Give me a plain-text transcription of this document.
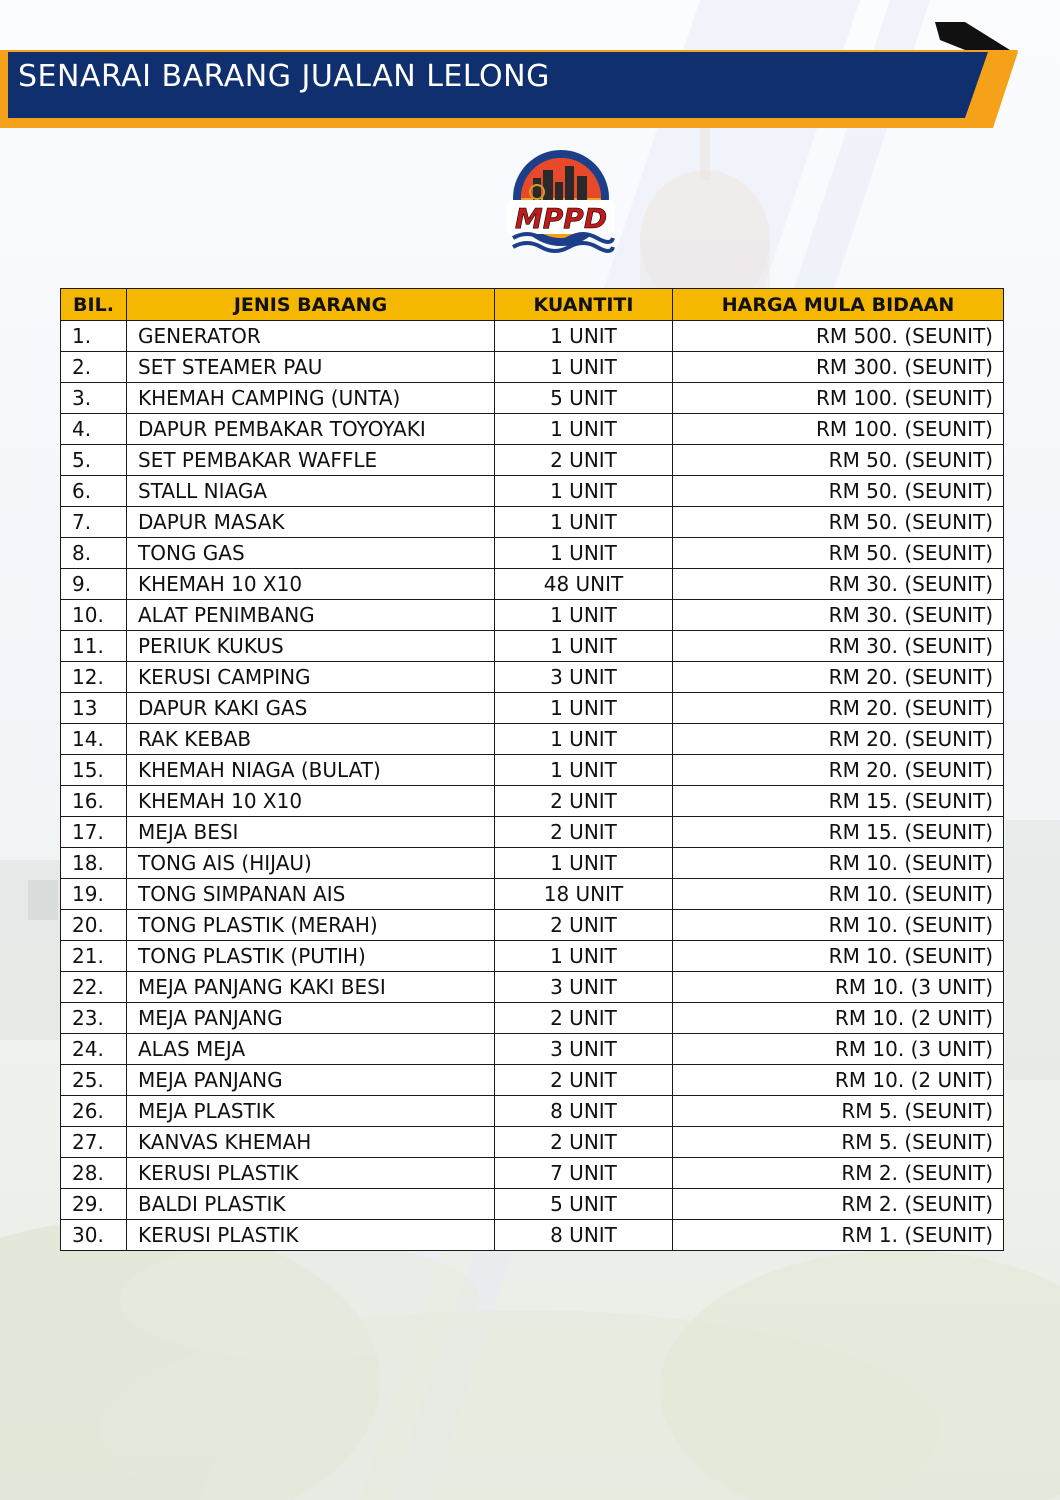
SENARAI BARANG JUALAN LELONG
MPPD
BIL.	JENIS BARANG	KUANTITI	HARGA MULA BIDAAN
1.	GENERATOR	1 UNIT	RM 500. (SEUNIT)
2.	SET STEAMER PAU	1 UNIT	RM 300. (SEUNIT)
3.	KHEMAH CAMPING (UNTA)	5 UNIT	RM 100. (SEUNIT)
4.	DAPUR PEMBAKAR TOYOYAKI	1 UNIT	RM 100. (SEUNIT)
5.	SET PEMBAKAR WAFFLE	2 UNIT	RM 50. (SEUNIT)
6.	STALL NIAGA	1 UNIT	RM 50. (SEUNIT)
7.	DAPUR MASAK	1 UNIT	RM 50. (SEUNIT)
8.	TONG GAS	1 UNIT	RM 50. (SEUNIT)
9.	KHEMAH 10 X10	48 UNIT	RM 30. (SEUNIT)
10.	ALAT PENIMBANG	1 UNIT	RM 30. (SEUNIT)
11.	PERIUK KUKUS	1 UNIT	RM 30. (SEUNIT)
12.	KERUSI CAMPING	3 UNIT	RM 20. (SEUNIT)
13	DAPUR KAKI GAS	1 UNIT	RM 20. (SEUNIT)
14.	RAK KEBAB	1 UNIT	RM 20. (SEUNIT)
15.	KHEMAH NIAGA (BULAT)	1 UNIT	RM 20. (SEUNIT)
16.	KHEMAH 10 X10	2 UNIT	RM 15. (SEUNIT)
17.	MEJA BESI	2 UNIT	RM 15. (SEUNIT)
18.	TONG AIS (HIJAU)	1 UNIT	RM 10. (SEUNIT)
19.	TONG SIMPANAN AIS	18 UNIT	RM 10. (SEUNIT)
20.	TONG PLASTIK (MERAH)	2 UNIT	RM 10. (SEUNIT)
21.	TONG PLASTIK (PUTIH)	1 UNIT	RM 10. (SEUNIT)
22.	MEJA PANJANG KAKI BESI	3 UNIT	RM 10. (3 UNIT)
23.	MEJA PANJANG	2 UNIT	RM 10. (2 UNIT)
24.	ALAS MEJA	3 UNIT	RM 10. (3 UNIT)
25.	MEJA PANJANG	2 UNIT	RM 10. (2 UNIT)
26.	MEJA PLASTIK	8 UNIT	RM 5. (SEUNIT)
27.	KANVAS KHEMAH	2 UNIT	RM 5. (SEUNIT)
28.	KERUSI PLASTIK	7 UNIT	RM 2. (SEUNIT)
29.	BALDI PLASTIK	5 UNIT	RM 2. (SEUNIT)
30.	KERUSI PLASTIK	8 UNIT	RM 1. (SEUNIT)
